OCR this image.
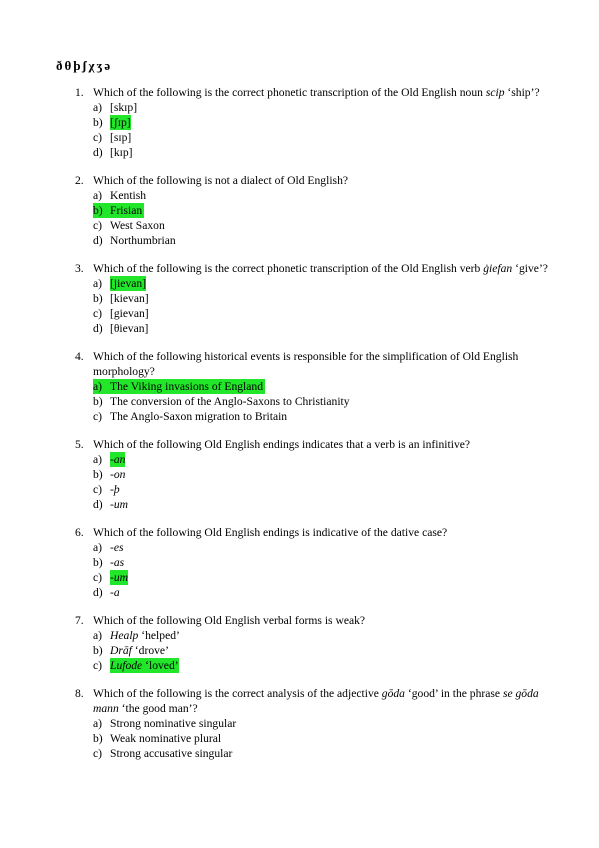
ðθþʃχʒə
1. Which of the following is the correct phonetic transcription of the Old English noun scip ‘ship’?
a) [skɪp]
b) [ʃɪp]
c) [sɪp]
d) [kɪp]
2. Which of the following is not a dialect of Old English?
a) Kentish
b) Frisian
c) West Saxon
d) Northumbrian
3. Which of the following is the correct phonetic transcription of the Old English verb ġiefan ‘give’?
a) [jievan]
b) [kievan]
c) [gievan]
d) [θievan]
4. Which of the following historical events is responsible for the simplification of Old English morphology?
a) The Viking invasions of England
b) The conversion of the Anglo-Saxons to Christianity
c) The Anglo-Saxon migration to Britain
5. Which of the following Old English endings indicates that a verb is an infinitive?
a) -an
b) -on
c) -þ
d) -um
6. Which of the following Old English endings is indicative of the dative case?
a) -es
b) -as
c) -um
d) -a
7. Which of the following Old English verbal forms is weak?
a) Healp ‘helped’
b) Drāf ‘drove’
c) Lufode ‘loved’
8. Which of the following is the correct analysis of the adjective gōda ‘good’ in the phrase se gōda mann ‘the good man’?
a) Strong nominative singular
b) Weak nominative plural
c) Strong accusative singular
